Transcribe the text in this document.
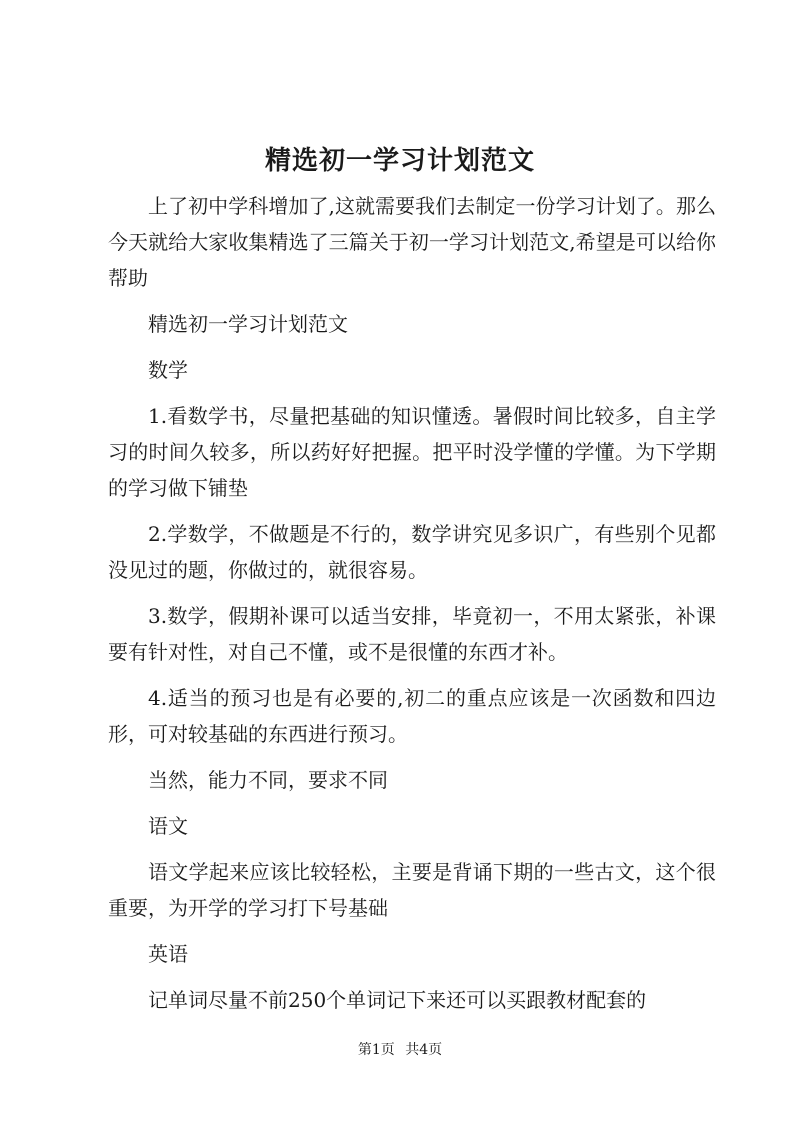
精选初一学习计划范文

上了初中学科增加了,这就需要我们去制定一份学习计划了。那么今天就给大家收集精选了三篇关于初一学习计划范文,希望是可以给你帮助

精选初一学习计划范文

数学

1.看数学书，尽量把基础的知识懂透。暑假时间比较多，自主学习的时间久较多，所以药好好把握。把平时没学懂的学懂。为下学期的学习做下铺垫

2.学数学，不做题是不行的，数学讲究见多识广，有些别个见都没见过的题，你做过的，就很容易。

3.数学，假期补课可以适当安排，毕竟初一，不用太紧张，补课要有针对性，对自己不懂，或不是很懂的东西才补。

4.适当的预习也是有必要的,初二的重点应该是一次函数和四边形，可对较基础的东西进行预习。

当然，能力不同，要求不同

语文

语文学起来应该比较轻松，主要是背诵下期的一些古文，这个很重要，为开学的学习打下号基础

英语

记单词尽量不前250个单词记下来还可以买跟教材配套的

第1页 共4页
